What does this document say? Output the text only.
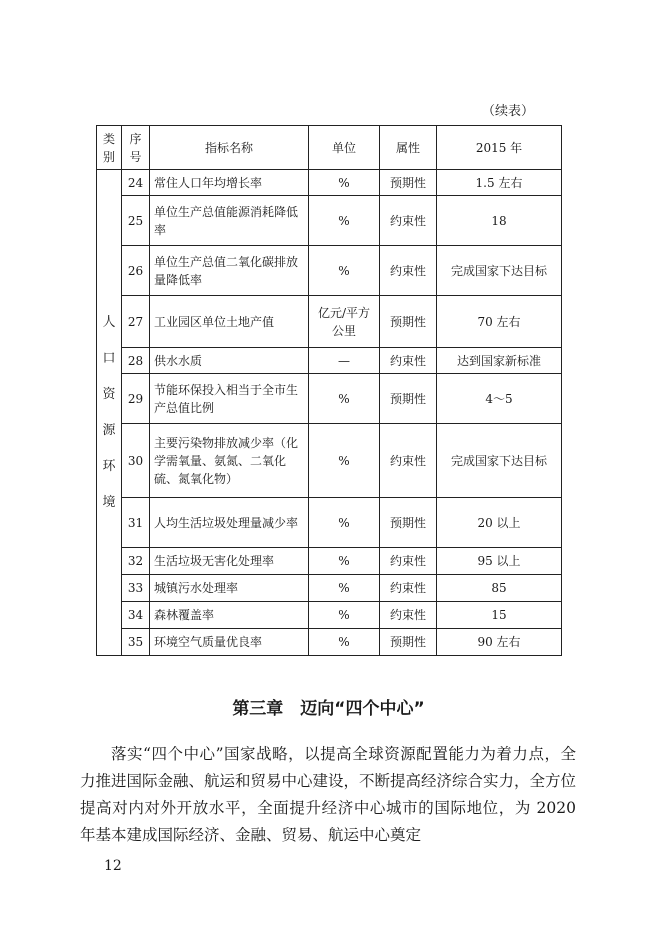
（续表）
类别	序号	指标名称	单位	属性	2015 年
人口资源环境	24	常住人口年均增长率	%	预期性	1.5 左右
	25	单位生产总值能源消耗降低率	%	约束性	18
	26	单位生产总值二氧化碳排放量降低率	%	约束性	完成国家下达目标
	27	工业园区单位土地产值	亿元/平方公里	预期性	70 左右
	28	供水水质	—	约束性	达到国家新标准
	29	节能环保投入相当于全市生产总值比例	%	预期性	4～5
	30	主要污染物排放减少率（化学需氧量、氨氮、二氧化硫、氮氧化物）	%	约束性	完成国家下达目标
	31	人均生活垃圾处理量减少率	%	预期性	20 以上
	32	生活垃圾无害化处理率	%	约束性	95 以上
	33	城镇污水处理率	%	约束性	85
	34	森林覆盖率	%	约束性	15
	35	环境空气质量优良率	%	预期性	90 左右
第三章　迈向“四个中心”
落实“四个中心”国家战略，以提高全球资源配置能力为着力点，全力推进国际金融、航运和贸易中心建设，不断提高经济综合实力，全方位提高对内对外开放水平，全面提升经济中心城市的国际地位，为 2020 年基本建成国际经济、金融、贸易、航运中心奠定
12
